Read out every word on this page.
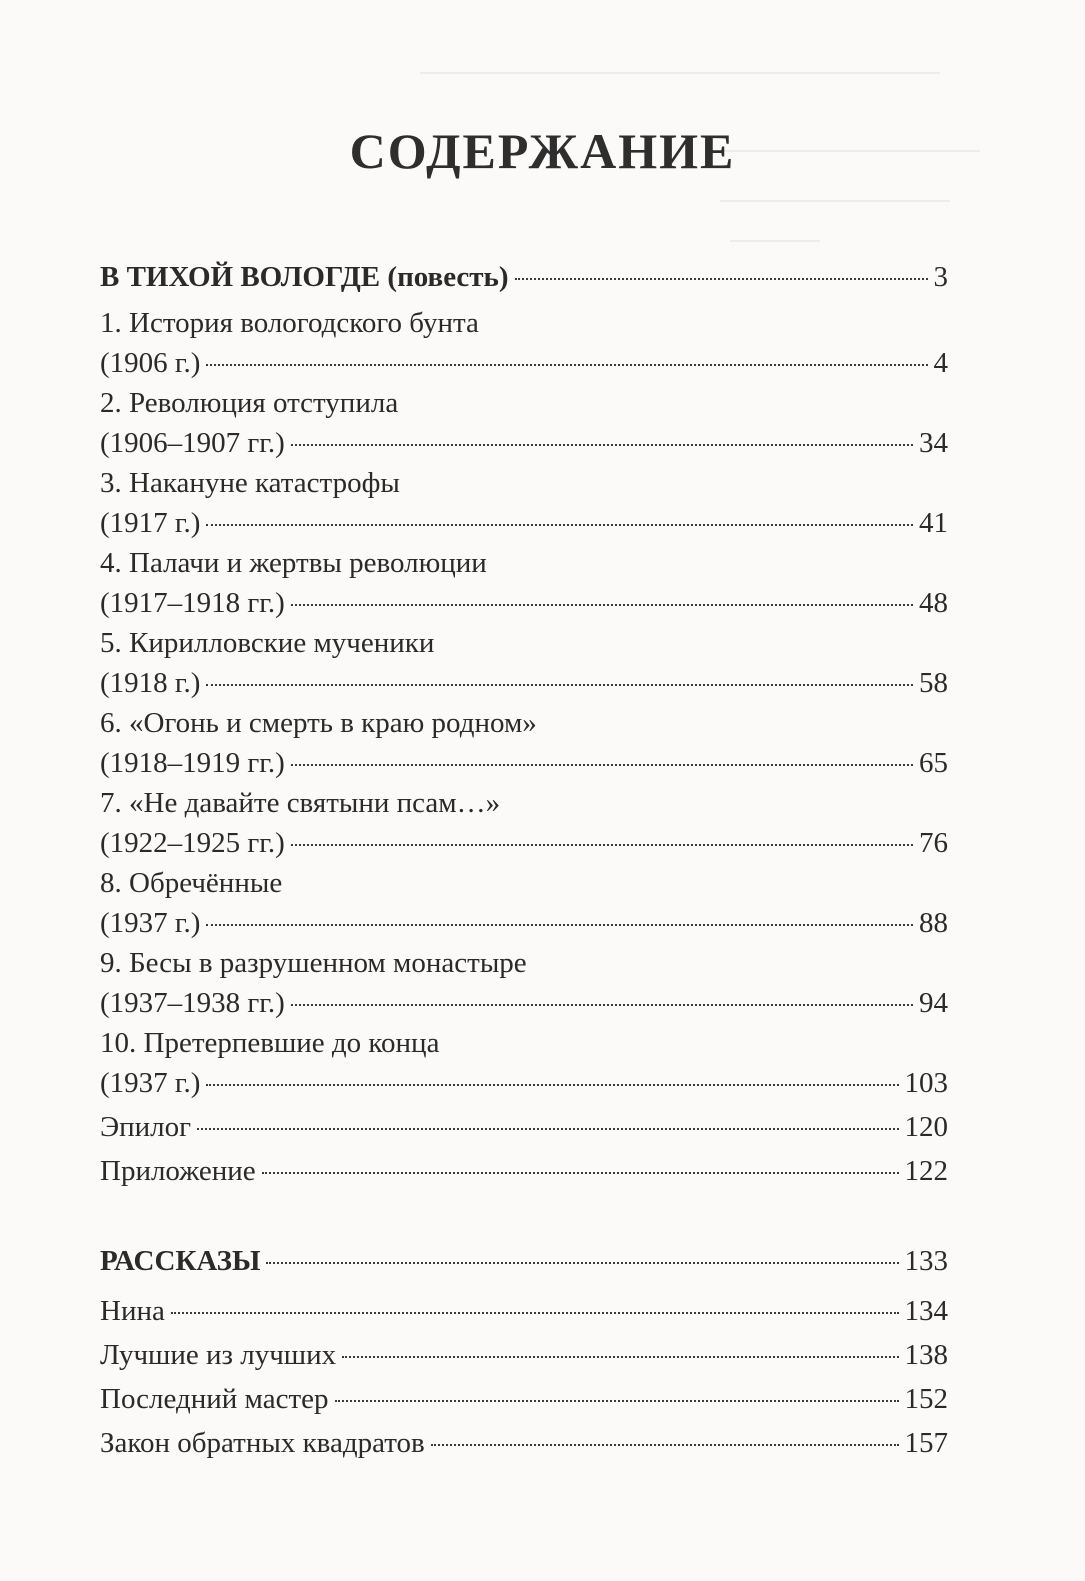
СОДЕРЖАНИЕ
В ТИХОЙ ВОЛОГДЕ (повесть)	3
1. История вологодского бунта
(1906 г.)	4
2. Революция отступила
(1906–1907 гг.)	34
3. Накануне катастрофы
(1917 г.)	41
4. Палачи и жертвы революции
(1917–1918 гг.)	48
5. Кирилловские мученики
(1918 г.)	58
6. «Огонь и смерть в краю родном»
(1918–1919 гг.)	65
7. «Не давайте святыни псам…»
(1922–1925 гг.)	76
8. Обречённые
(1937 г.)	88
9. Бесы в разрушенном монастыре
(1937–1938 гг.)	94
10. Претерпевшие до конца
(1937 г.)	103
Эпилог	120
Приложение	122
РАССКАЗЫ	133
Нина	134
Лучшие из лучших	138
Последний мастер	152
Закон обратных квадратов	157
